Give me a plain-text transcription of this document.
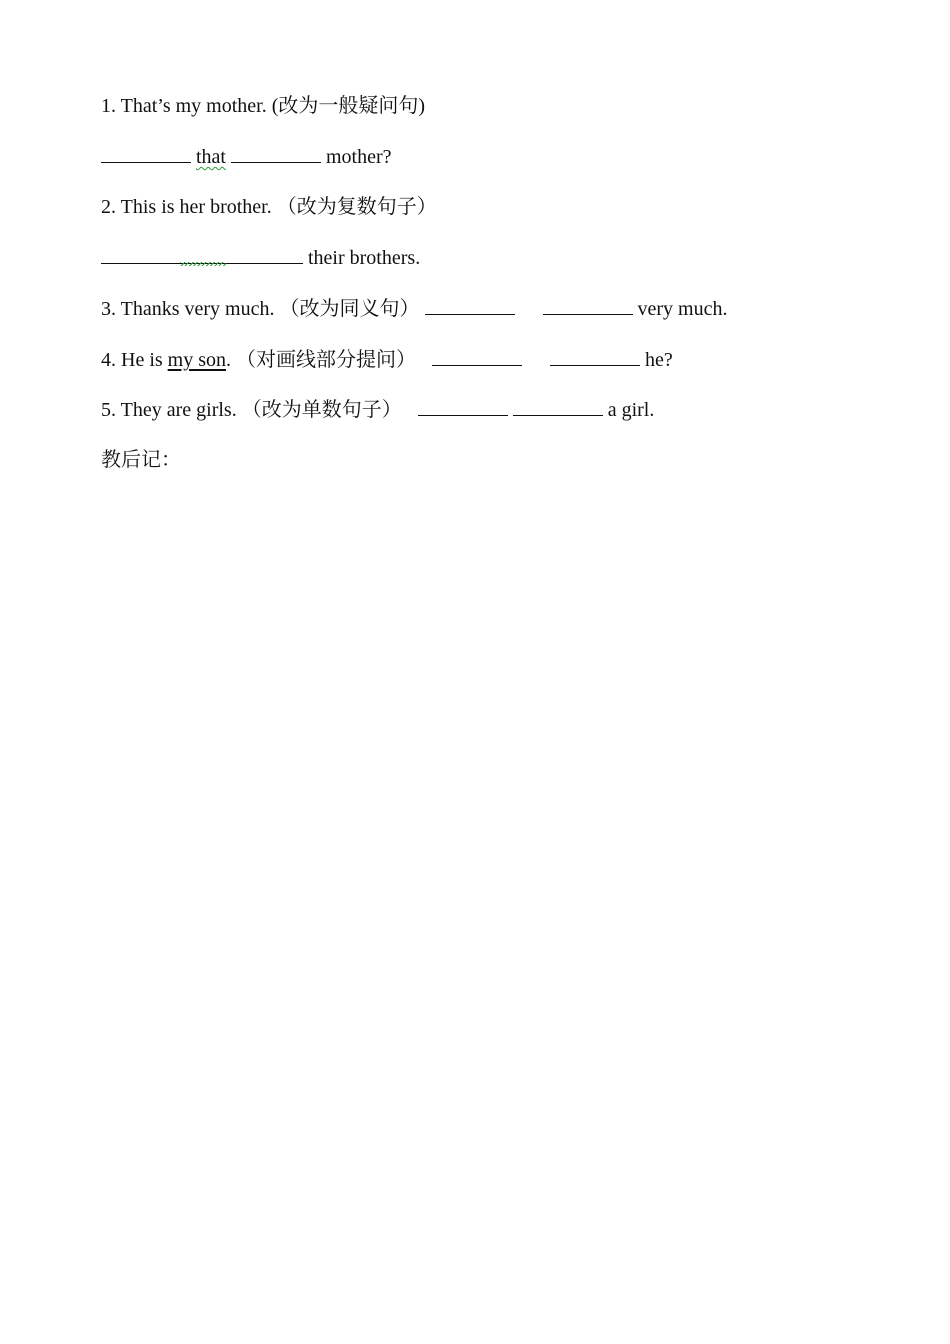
1. That’s my mother. (改为一般疑问句)
that	mother?
2. This is her brother. （改为复数句子）
their brothers.
3. Thanks very much. （改为同义句）	very much.
4. He is my son. （对画线部分提问）	he?
5. They are girls. （改为单数句子）	a girl.
教后记：
